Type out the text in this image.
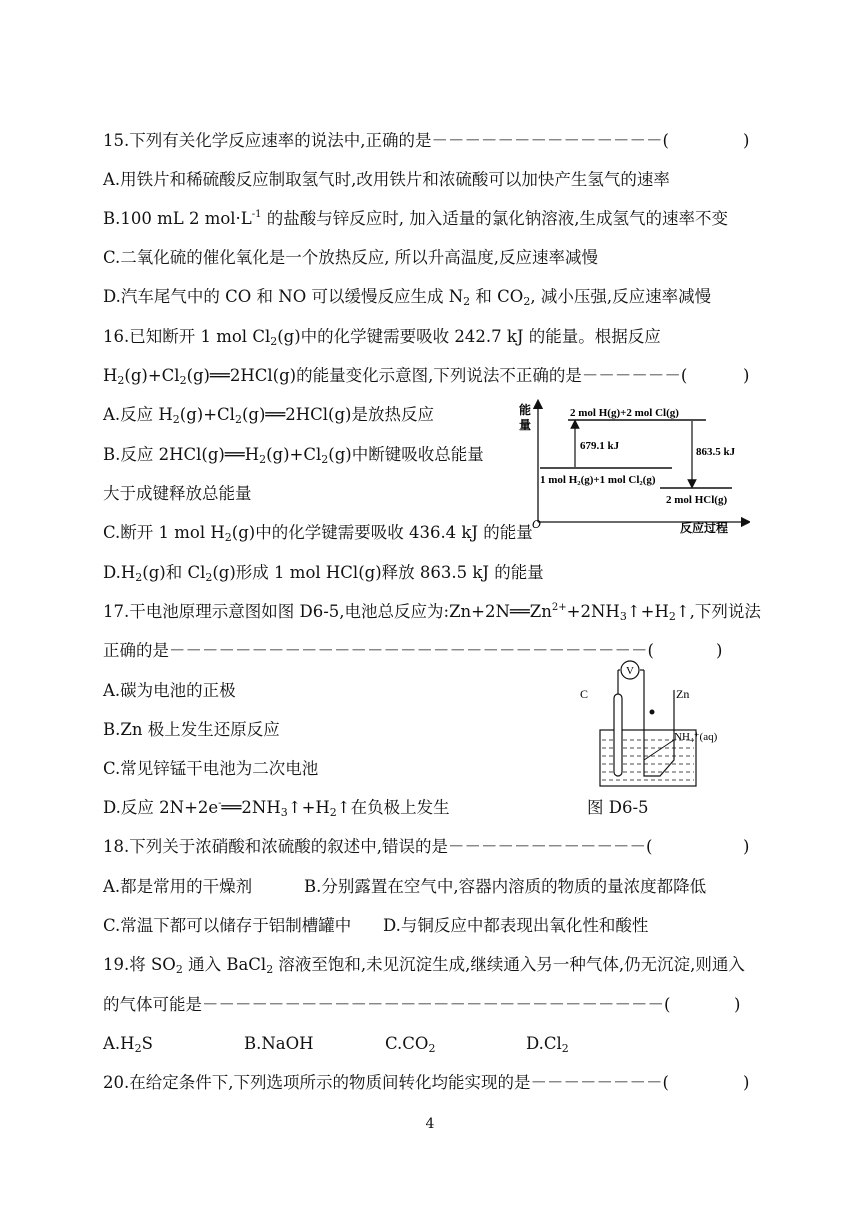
15.下列有关化学反应速率的说法中,正确的是－－－－－－－－－－－－－－(	)
A.用铁片和稀硫酸反应制取氢气时,改用铁片和浓硫酸可以加快产生氢气的速率
B.100 mL 2 $mol\cdot L^{-1}$ 的盐酸与锌反应时, 加入适量的氯化钠溶液,生成氢气的速率不变
C.二氧化硫的催化氧化是一个放热反应, 所以升高温度,反应速率减慢
D.汽车尾气中的 CO 和 NO 可以缓慢反应生成 $N_2$ 和 $CO_2$, 减小压强,反应速率减慢
16.已知断开 1 mol $Cl_2(g)$中的化学键需要吸收 242.7 kJ 的能量。根据反应
$H_2(g)+Cl_2(g)══2HCl(g)$的能量变化示意图,下列说法不正确的是－－－－－－(	)
A.反应 $H_2(g)+Cl_2(g)══2HCl(g)$是放热反应
B.反应 $2HCl(g)══H_2(g)+Cl_2(g)$中断键吸收总能量
大于成键释放总能量
C.断开 1 mol $H_2(g)$中的化学键需要吸收 436.4 kJ 的能量
$D.H_2(g)$和 $Cl_2(g)$形成 1 mol HCl(g)释放 863.5 kJ 的能量
能
量
O	反应过程
2 mol H(g)+2 mol Cl(g)
1 mol H₂(g)+1 mol Cl₂(g)
2 mol HCl(g)
679.1 kJ	863.5 kJ
17.干电池原理示意图如图 D6-5,电池总反应为$:Zn+2N══Zn^{2+}+2NH_3↑+H_2↑$,下列说法
正确的是－－－－－－－－－－－－－－－－－－－－－－－－－－－－－(	)
A.碳为电池的正极
B.Zn 极上发生还原反应
C.常见锌锰干电池为二次电池
D.反应 $2N+2e^-══2NH_3↑+H_2↑$在负极上发生	图 D6-5
V
C	Zn
NH₄⁺(aq)
18.下列关于浓硝酸和浓硫酸的叙述中,错误的是－－－－－－－－－－－－(	)
A.都是常用的干燥剂	B.分别露置在空气中,容器内溶质的物质的量浓度都降低
C.常温下都可以储存于铝制槽罐中 D.与铜反应中都表现出氧化性和酸性
19.将 $SO_2$ 通入 BaCl$_2$ 溶液至饱和,未见沉淀生成,继续通入另一种气体,仍无沉淀,则通入
的气体可能是－－－－－－－－－－－－－－－－－－－－－－－－－－－－(	)
$A.H_2S$	B.NaOH	$C.CO_2$	$D.Cl_2$
20.在给定条件下,下列选项所示的物质间转化均能实现的是－－－－－－－－(	)
4
